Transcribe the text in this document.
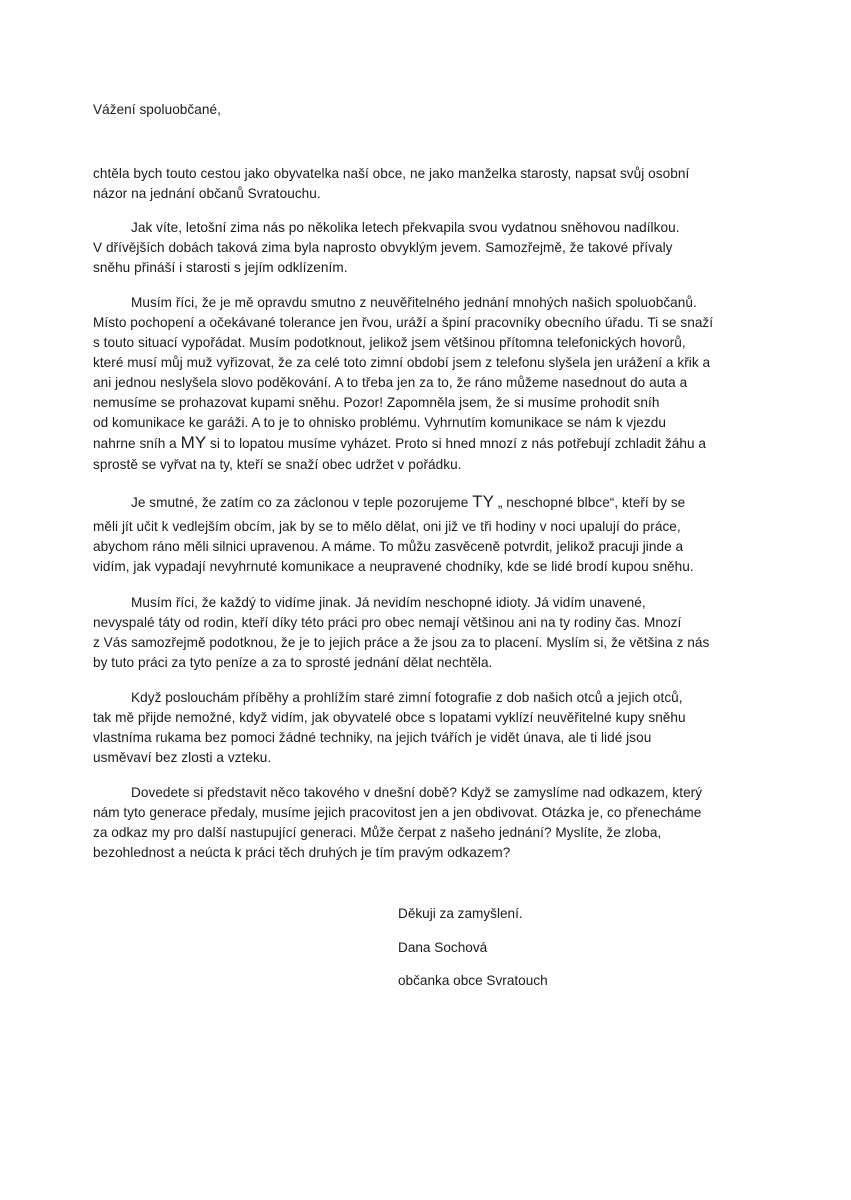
Vážení spoluobčané,
chtěla bych touto cestou jako obyvatelka naší obce, ne jako manželka starosty, napsat svůj osobní
názor na jednání občanů Svratouchu.
Jak víte, letošní zima nás po několika letech překvapila svou vydatnou sněhovou nadílkou.
V dřívějších dobách taková zima byla naprosto obvyklým jevem. Samozřejmě, že takové přívaly
sněhu přináší i starosti s jejím odklízením.
Musím říci, že je mě opravdu smutno z neuvěřitelného jednání mnohých našich spoluobčanů.
Místo pochopení a očekávané tolerance jen řvou, uráží a špiní pracovníky obecního úřadu. Ti se snaží
s touto situací vypořádat. Musím podotknout, jelikož jsem většinou přítomna telefonických hovorů,
které musí můj muž vyřizovat, že za celé toto zimní období jsem z telefonu slyšela jen urážení a křik a
ani jednou neslyšela slovo poděkování. A to třeba jen za to, že ráno můžeme nasednout do auta a
nemusíme se prohazovat kupami sněhu. Pozor! Zapomněla jsem, že si musíme prohodit sníh
od komunikace ke garáži. A to je to ohnisko problému. Vyhrnutím komunikace se nám k vjezdu
nahrne sníh a MY si to lopatou musíme vyházet. Proto si hned mnozí z nás potřebují zchladit žáhu a
sprostě se vyřvat na ty, kteří se snaží obec udržet v pořádku.
Je smutné, že zatím co za záclonou v teple pozorujeme TY „ neschopné blbce“, kteří by se
měli jít učit k vedlejším obcím, jak by se to mělo dělat, oni již ve tři hodiny v noci upalují do práce,
abychom ráno měli silnici upravenou. A máme. To můžu zasvěceně potvrdit, jelikož pracuji jinde a
vidím, jak vypadají nevyhrnuté komunikace a neupravené chodníky, kde se lidé brodí kupou sněhu.
Musím říci, že každý to vidíme jinak. Já nevidím neschopné idioty. Já vidím unavené,
nevyspalé táty od rodin, kteří díky této práci pro obec nemají většinou ani na ty rodiny čas. Mnozí
z Vás samozřejmě podotknou, že je to jejich práce a že jsou za to placení. Myslím si, že většina z nás
by tuto práci za tyto peníze a za to sprosté jednání dělat nechtěla.
Když poslouchám příběhy a prohlížím staré zimní fotografie z dob našich otců a jejich otců,
tak mě přijde nemožné, když vidím, jak obyvatelé obce s lopatami vyklízí neuvěřitelné kupy sněhu
vlastníma rukama bez pomoci žádné techniky, na jejich tvářích je vidět únava, ale ti lidé jsou
usměvaví bez zlosti a vzteku.
Dovedete si představit něco takového v dnešní době? Když se zamyslíme nad odkazem, který
nám tyto generace předaly, musíme jejich pracovitost jen a jen obdivovat. Otázka je, co přenecháme
za odkaz my pro další nastupující generaci. Může čerpat z našeho jednání? Myslíte, že zloba,
bezohlednost a neúcta k práci těch druhých je tím pravým odkazem?
Děkuji za zamyšlení.
Dana Sochová
občanka obce Svratouch
